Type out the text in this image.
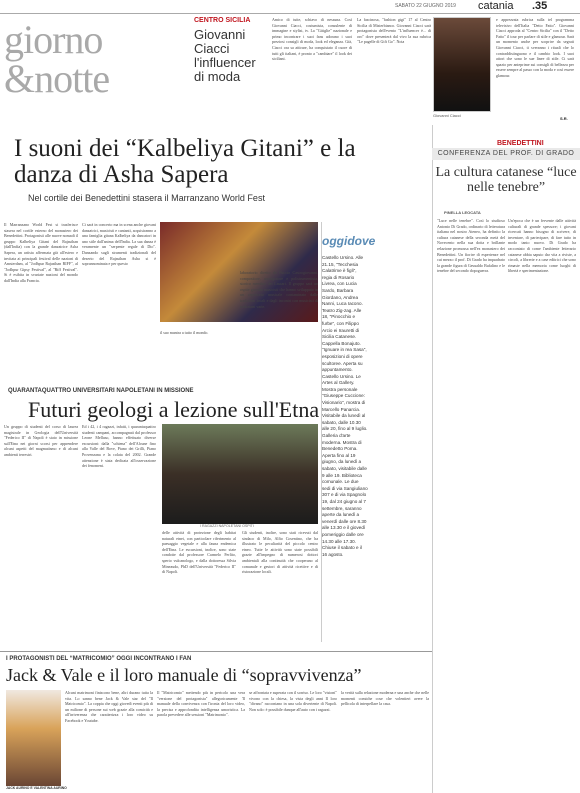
SABATO 22 GIUGNO 2019 catania .35
giorno
&notte
CENTRO SICILIA
Giovanni Ciacci l'influencer di moda
Amico di tutte, schiavo di nessuna. Così Giovanni Ciacci, costumista, consulente di immagine e stylist, tv. La "Gitiglie" nazionale e primo incontrare i suoi fans adorano i suoi preziosi consigli di moda, look ed eleganza. Già, Ciacci ora sa attirare, ha conquistato il cuore di tutti gli italiani, è pronto a "cambiare" il look dei siciliani.
La fascinosa, "fashion gigi" 17 al Centro Sicilia di Misterbianco. Giovanni Ciacci sarà protagonista dell'evento "L'influencer è... di oro" dove presenterà dal vivo la sua rubrica "Le pagelle di Gift Go". Nota
Giovanni Ciacci
e apprezzata rubrica sulla tel programma televisivo dell'Italia "Detto Fatto". Giovanni Ciacci approda al "Centro Sicilia" con il "Detto Fatto" il tour per parlare di stile e glamour. Sarà un momento anche per scoprire da segrati Giovanni Ciacci, ti sveranno i rituali che lo contraddistinguono e il cambio look. I suoi attori che sono le sue linee di stile. Ci sarà spazio per anteprime sui consigli di bellezza per essere sempre al passo con la moda e così essere glamour.
S.R.
I suoni dei “Kalbeliya Gitani” e la danza di Asha Sapera
Nel cortile dei Benedettini stasera il Marranzano World Fest
Il Marranzano World Fest si trasferisce stasera nel cortile esterno del monastero dei Benedettini. Protagonisti alle nuove nomadi il gruppo Kalbeliya Gitani del Rajasthan (dall'India) con la grande danzatrice Asha Sapera, un artista affermata già all'estero e invitata ai principali festival delle nazioni di Amsterdam, al "Jodhpur Rajasthan RIFF", al "Jodhpur Gipsy Festival", al "Riff Festival". Si è esibita in svariate nazioni del mondo dall'India alla Francia.
Ci sarà in concerto ma in scena anche giovani danzatrici, musicisti e cantanti, acquisiranno a una famiglia gitana Kalbeliya da dancatori in uno stile dall'anima dell'India. La sua danza è veramente un "serpente regale di Dio". Danzando sugli strumenti tradizionali del deserto del Rajasthan Asha si è soprannominata e per questo
laboratorio diretto da Puccio Castrogiovanni, compositore, arrangiatore e polistrumentista, storico membro dei Lautari. Il gruppo sarà un ospite giovani musicisti che hanno sviluppato in un repertorio musicale contaminato dalle tradizioni locali e dagli incontri con musicisti di tradizioni varie.
il suo mantra a tutto il mondo.
oggidove
Castello Ursino. Alle 21.15, "Tecchesia Calatrime è figli", regia di Rosario Livrea, con Lucia Sardo, Barbara Giordano, Andrea Nanni, Luca Iacono. Teatro Zig-zag. Alle 18, "Pinocchio e furbe", con Filippo Arcio ei Irauretti di Sicilia Catanese. Cappella Bonajuto. "Ignuare in rea Sasa", esposizioni di opere scultoree. Aperta su appuntamento. Castello Ursino. Le Artes al Gallery. Mostra personale "Giuseppe Cuccione: Visionario", mostra di Marcello Panarcia. Visitabile da lunedì al sabato, dalle 10.30 alle 20, fino al 9 luglio. Galleria d'arte moderna. Mostra di Benedetto Poma. Aperta fino al 19 giugno, da lunedì a sabato, visitabile dalle 9 alle 19. Biblioteca comunale. Le due sedi di via Sangiuliano 307 e di via Spagnolo 19, dal 24 giugno al 7 settembre, saranno aperte da lunedì a venerdì dalle ore 8.30 alle 13.30 e il giovedì pomeriggio dalle ore 14.30 alle 17.30. Chiuse il sabato e il 16 agosto.
QUARANTAQUATTRO UNIVERSITARI NAPOLETANI IN MISSIONE
Futuri geologi a lezione sull'Etna
Un gruppo di studenti del corso di laurea magistrale in Geologia dell'Università "Federico II" di Napoli è stato in missione sull'Etna nei giorni scorsi per apprendere alcuni aspetti del magmatismo e di alcuni ambienti terrestri.
Ed i 42, i 4 ragazzi, infatti, i quarantaquattro studenti campani, accompagnati dal professor Leone Melluso, hanno effettuato diverse escursioni: dalla "schiena" dell'Alcune fino alla Valle del Bove, Piano dei Grilli, Piano Provenzana e la colata del 2002. Grande attenzione è stata dedicata all'osservazione dei fenomeni.
I RAGAZZI NAPOLETANI OSPITI
delle attività di protezione degli habitat naturali etnei, con particolare riferimento al paesaggio vegetale e alla fauna endemica dell'Etna. Le escursioni, inoltre, sono state condotte dal professore Carmelo Ferlito, sperto vulcanologo, e dalla dottoressa Silvia Mineaudo, PhD dell'Università "Federico II" di Napoli.
Gli studenti, inoltre, sono stati ricevuti dal sindaco di Milo, Alfio Cosentino, che ha illustrato le peculiarità del piccolo centro etneo. Tutte le attività sono state possibili grazie all'impegno di numerosi dottori ambientali alla continuità che cooperano al comunale e gestori di attività ricettive e di ristorazione locali.
I PROTAGONISTI DEL “MATRICOMIO” OGGI INCONTRANO I FAN
Jack & Vale e il loro manuale di “sopravvivenza”
JACK AURINO E VALENTINA AURINO
Alcuni matrimoni finiscono bene, altri durano tutta la vita. Lo sanno bene Jack & Vale star del "Il Matricomio". La coppia che oggi giovedì eventi più di un milione di persone sui web grazie alla comicità e all'irriverenza che caratterizza i loro video su Facebook e Youtube.
Il "Matricomio" mettendo più in pericolo una vera "versione del protagonista" allegoricamente 'Il manuale della convivenza con l'ironia del loro video, la precisa e approfondita intelligenza umoristica. La parola prevedere alle sessioni "Matrimonio".
se affrontata e superata con il sorriso. Le loro "visioni" vivono con la chiesa, la vista degli anni Il loro "divano" raccontano in una sola divertente di Napoli. Non solo: è possibile dunque all'auto con i ragazzi.
la verità sulla relazione moderna e una anche che nelle momenti comiche cose che volentieri avere la pellicola di interpellare la casa.
BENEDETTINI
CONFERENZA DEL PROF. DI GRADO
La cultura catanese “luce nelle tenebre”
PINELLA LEOCATA
"Luce nelle tenebre". Così lo studioso Antonio Di Grado, ordinario di letteratura italiana nel nostro Ateneo, ha definito la cultura catanese della seconda metà del Novecento nella sua dotta e brillante relazione promossa nell'ex monastero dei Benedettini. Un fiorire di esperienze nel cui mezzo il prof. Di Grado ha inquadrato la grande figura di Gesualdo Bufalino e le tenebre del secondo dopoguerra.
Un'epoca che è un fervente dalle attività culturali di grande spessore; i giovani ricercati hanno bisogno di scrivere, di inventare, di partecipare, di fare tutto in modo tanto nuovo. Di Grado ha raccontato di come l'ambiente letterario catanese abbia saputo dar vita a riviste, a circoli, a librerie e a case editrici che sono rimaste nella memoria come luoghi di libertà e sperimentazione.
